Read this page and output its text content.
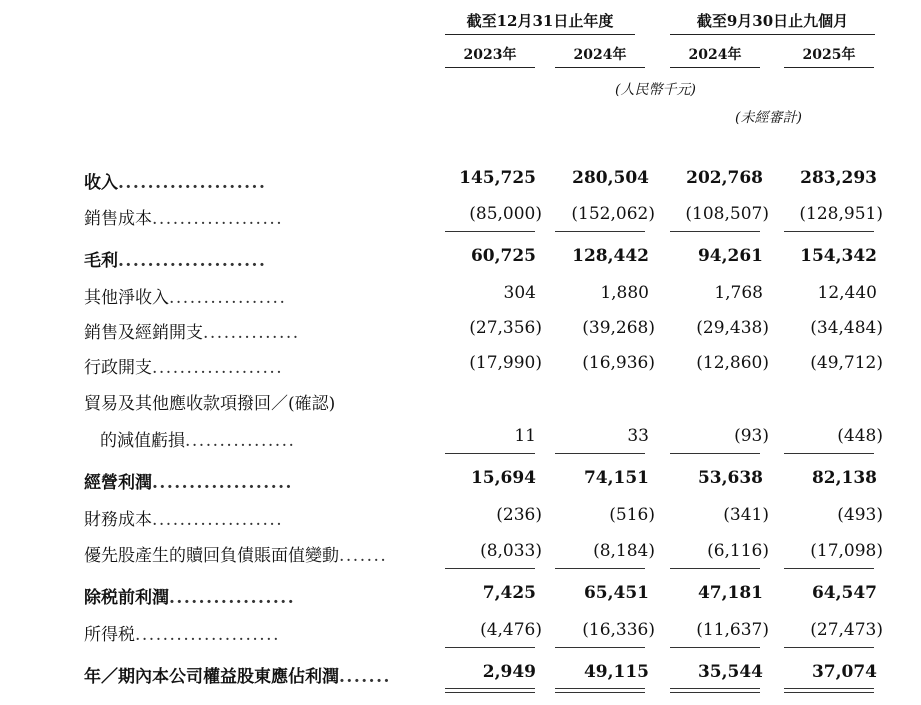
截至12月31日止年度	截至9月30日止九個月
2023年	2024年	2024年	2025年
(人民幣千元)
(未經審計)
收入....................	145,725	280,504	202,768	283,293
銷售成本...................	(85,000)	(152,062)	(108,507)	(128,951)
毛利....................	60,725	128,442	94,261	154,342
其他淨收入.................	304	1,880	1,768	12,440
銷售及經銷開支..............	(27,356)	(39,268)	(29,438)	(34,484)
行政開支...................	(17,990)	(16,936)	(12,860)	(49,712)
貿易及其他應收款項撥回／(確認)
的減值虧損................	11	33	(93)	(448)
經營利潤...................	15,694	74,151	53,638	82,138
財務成本...................	(236)	(516)	(341)	(493)
優先股產生的贖回負債賬面值變動.......	(8,033)	(8,184)	(6,116)	(17,098)
除税前利潤.................	7,425	65,451	47,181	64,547
所得税.....................	(4,476)	(16,336)	(11,637)	(27,473)
年／期內本公司權益股東應佔利潤.......	2,949	49,115	35,544	37,074
